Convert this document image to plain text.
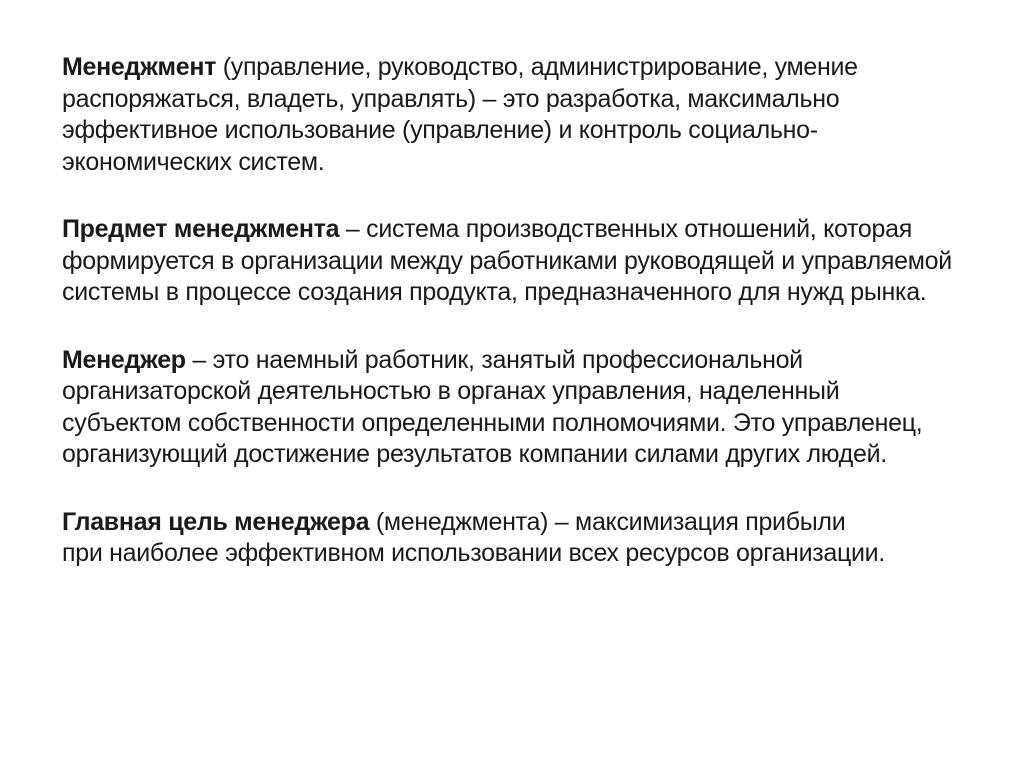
Менеджмент (управление, руководство, администрирование, умение распоряжаться, владеть, управлять) – это разработка, максимально эффективное использование (управление) и контроль социально-экономических систем.

Предмет менеджмента – система производственных отношений, которая формируется в организации между работниками руководящей и управляемой системы в процессе создания продукта, предназначенного для нужд рынка.

Менеджер – это наемный работник, занятый профессиональной организаторской деятельностью в органах управления, наделенный субъектом собственности определенными полномочиями. Это управленец, организующий достижение результатов компании силами других людей.

Главная цель менеджера (менеджмента) – максимизация прибыли при наиболее эффективном использовании всех ресурсов организации.
